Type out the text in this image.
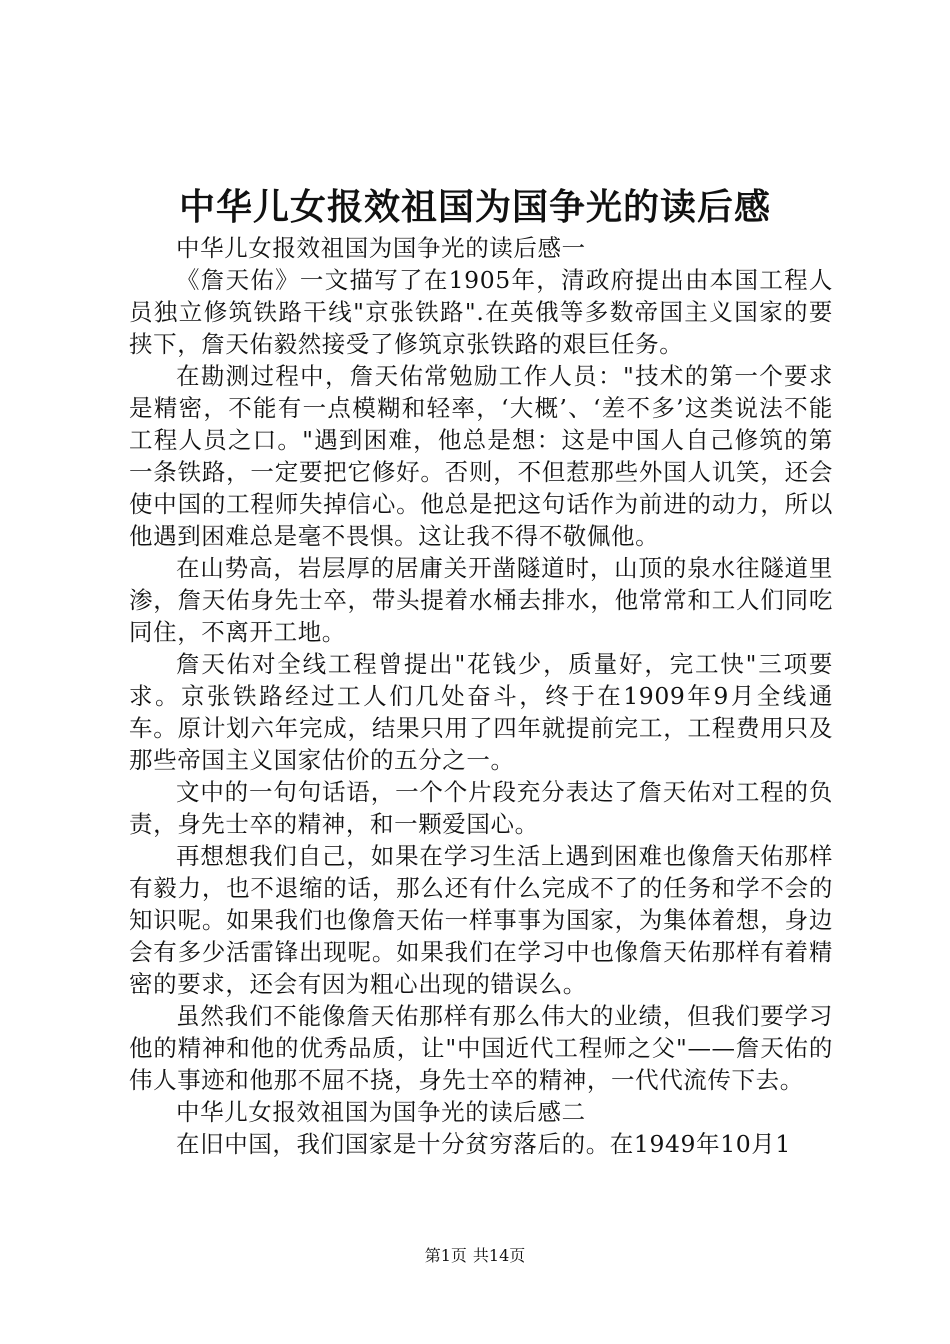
中华儿女报效祖国为国争光的读后感

中华儿女报效祖国为国争光的读后感一

《詹天佑》一文描写了在1905年，清政府提出由本国工程人员独立修筑铁路干线"京张铁路".在英俄等多数帝国主义国家的要挟下，詹天佑毅然接受了修筑京张铁路的艰巨任务。

在勘测过程中，詹天佑常勉励工作人员："技术的第一个要求是精密，不能有一点模糊和轻率，‘大概’、‘差不多’这类说法不能工程人员之口。"遇到困难，他总是想：这是中国人自己修筑的第一条铁路，一定要把它修好。否则，不但惹那些外国人讥笑，还会使中国的工程师失掉信心。他总是把这句话作为前进的动力，所以他遇到困难总是毫不畏惧。这让我不得不敬佩他。

在山势高，岩层厚的居庸关开凿隧道时，山顶的泉水往隧道里渗，詹天佑身先士卒，带头提着水桶去排水，他常常和工人们同吃同住，不离开工地。

詹天佑对全线工程曾提出"花钱少，质量好，完工快"三项要求。京张铁路经过工人们几处奋斗，终于在1909年9月全线通车。原计划六年完成，结果只用了四年就提前完工，工程费用只及那些帝国主义国家估价的五分之一。

文中的一句句话语，一个个片段充分表达了詹天佑对工程的负责，身先士卒的精神，和一颗爱国心。

再想想我们自己，如果在学习生活上遇到困难也像詹天佑那样有毅力，也不退缩的话，那么还有什么完成不了的任务和学不会的知识呢。如果我们也像詹天佑一样事事为国家，为集体着想，身边会有多少活雷锋出现呢。如果我们在学习中也像詹天佑那样有着精密的要求，还会有因为粗心出现的错误么。

虽然我们不能像詹天佑那样有那么伟大的业绩，但我们要学习他的精神和他的优秀品质，让"中国近代工程师之父"——詹天佑的伟人事迹和他那不屈不挠，身先士卒的精神，一代代流传下去。

中华儿女报效祖国为国争光的读后感二

在旧中国，我们国家是十分贫穷落后的。在1949年10月1

第1页 共14页
